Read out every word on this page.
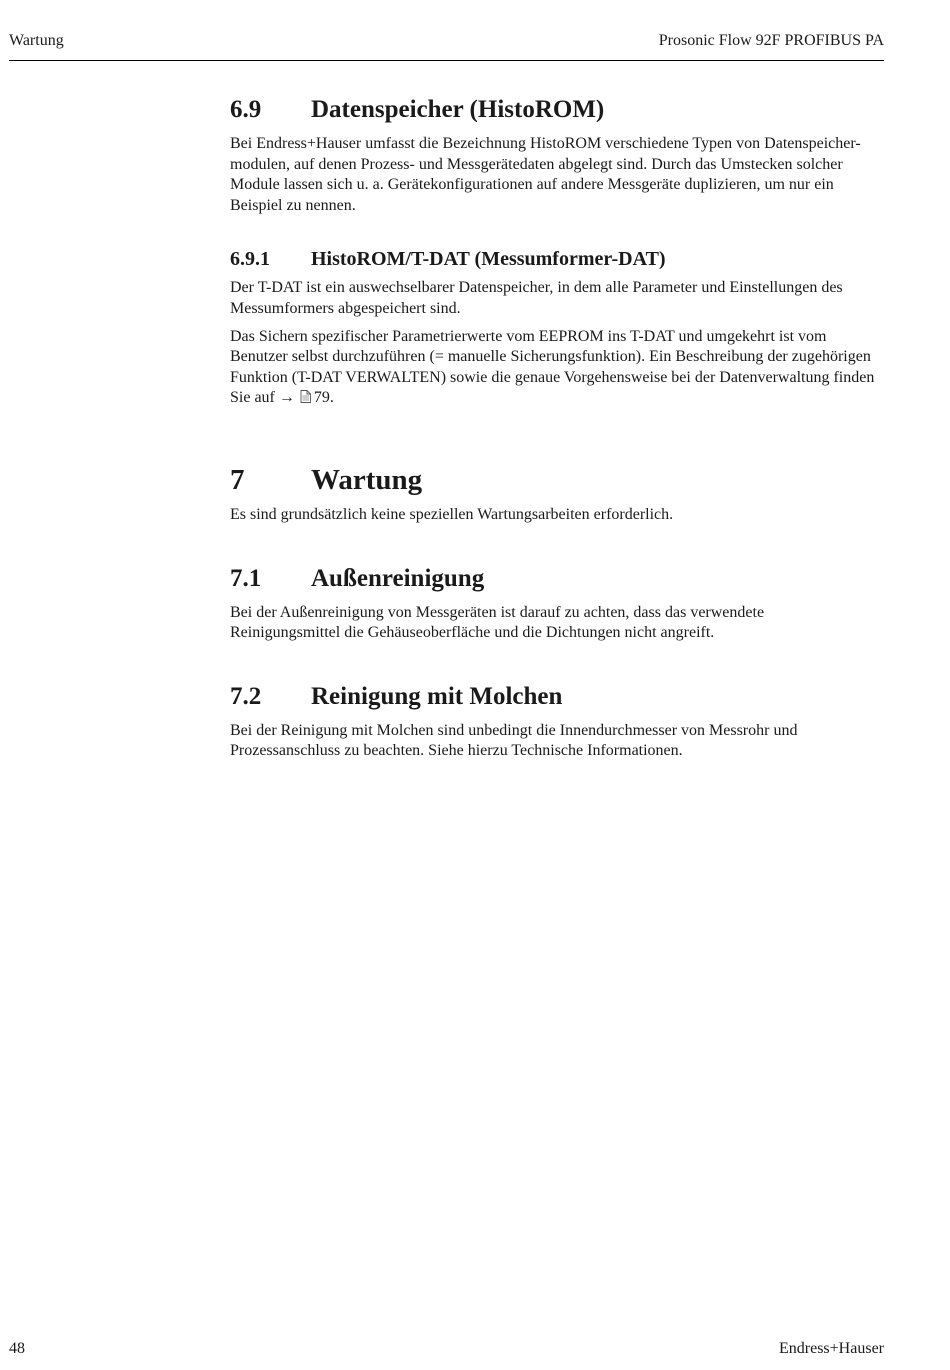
Wartung	Prosonic Flow 92F PROFIBUS PA
6.9	Datenspeicher (HistoROM)

Bei Endress+Hauser umfasst die Bezeichnung HistoROM verschiedene Typen von Datenspeicher-modulen, auf denen Prozess- und Messgerätedaten abgelegt sind. Durch das Umstecken solcher Module lassen sich u. a. Gerätekonfigurationen auf andere Messgeräte duplizieren, um nur ein Beispiel zu nennen.

6.9.1	HistoROM/T-DAT (Messumformer-DAT)

Der T-DAT ist ein auswechselbarer Datenspeicher, in dem alle Parameter und Einstellungen des Messumformers abgespeichert sind.

Das Sichern spezifischer Parametrierwerte vom EEPROM ins T-DAT und umgekehrt ist vom Benutzer selbst durchzuführen (= manuelle Sicherungsfunktion). Ein Beschreibung der zugehörigen Funktion (T-DAT VERWALTEN) sowie die genaue Vorgehensweise bei der Datenverwaltung finden Sie auf → 79.

7	Wartung

Es sind grundsätzlich keine speziellen Wartungsarbeiten erforderlich.

7.1	Außenreinigung

Bei der Außenreinigung von Messgeräten ist darauf zu achten, dass das verwendete Reinigungsmittel die Gehäuseoberfläche und die Dichtungen nicht angreift.

7.2	Reinigung mit Molchen

Bei der Reinigung mit Molchen sind unbedingt die Innendurchmesser von Messrohr und Prozessanschluss zu beachten. Siehe hierzu Technische Informationen.

48	Endress+Hauser
